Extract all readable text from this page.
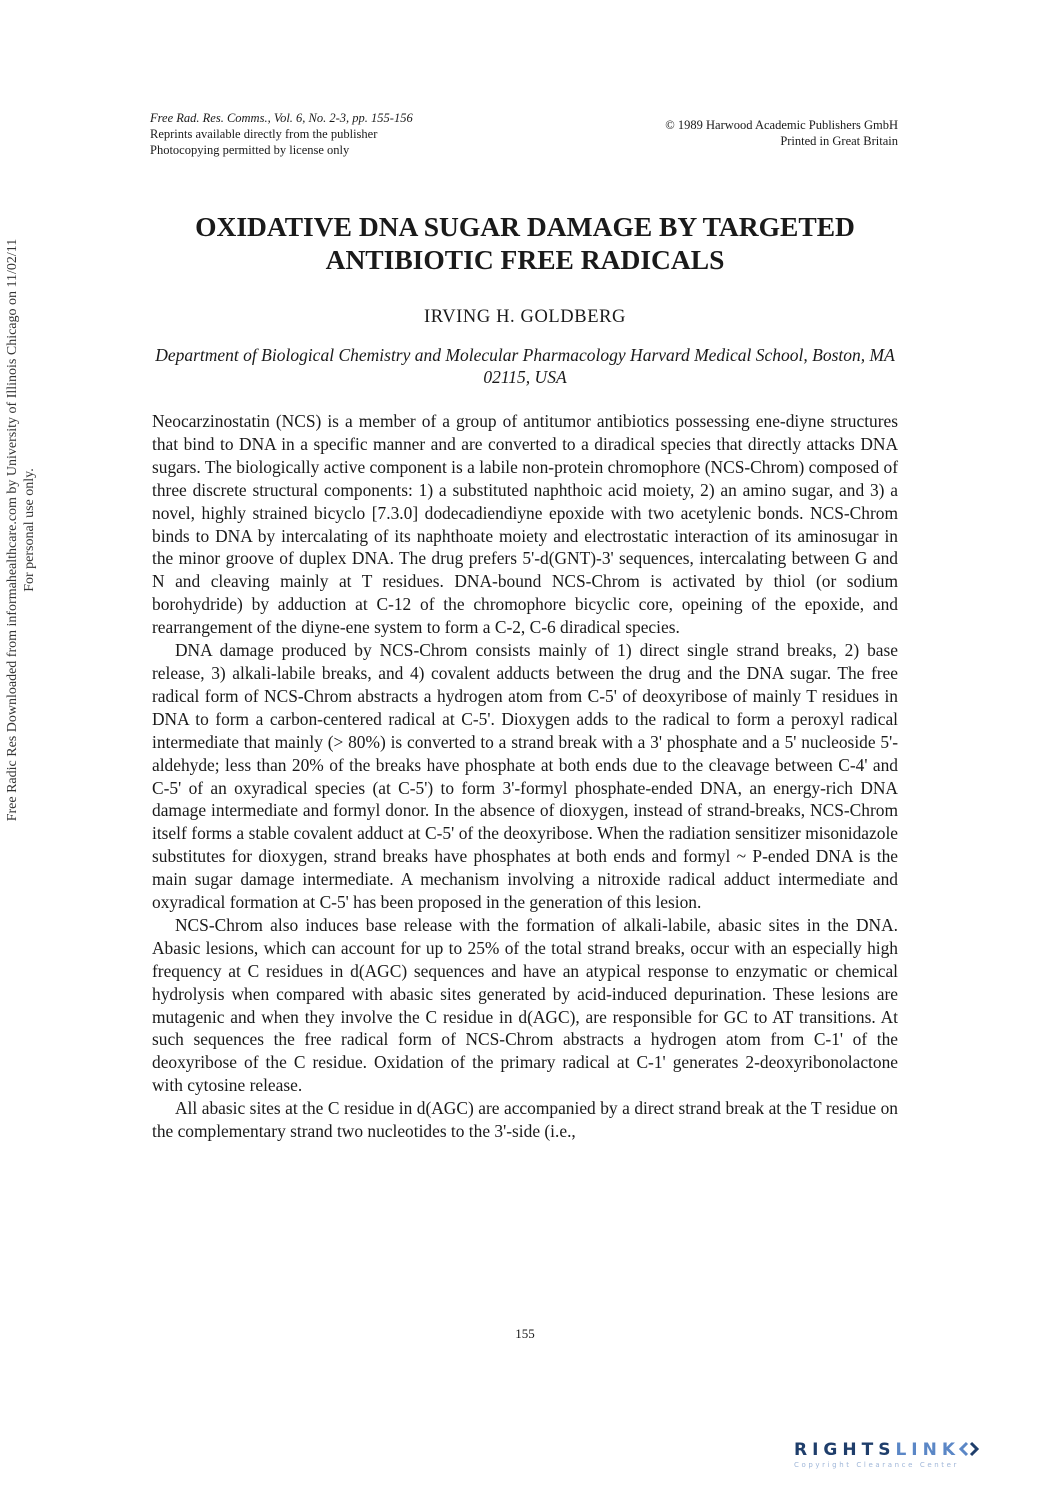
Free Rad. Res. Comms., Vol. 6, No. 2-3, pp. 155-156
Reprints available directly from the publisher
Photocopying permitted by license only
© 1989 Harwood Academic Publishers GmbH
Printed in Great Britain
OXIDATIVE DNA SUGAR DAMAGE BY TARGETED ANTIBIOTIC FREE RADICALS
IRVING H. GOLDBERG
Department of Biological Chemistry and Molecular Pharmacology Harvard Medical School, Boston, MA 02115, USA

Neocarzinostatin (NCS) is a member of a group of antitumor antibiotics possessing ene-diyne structures that bind to DNA in a specific manner and are converted to a diradical species that directly attacks DNA sugars. The biologically active component is a labile non-protein chromophore (NCS-Chrom) composed of three discrete structural components: 1) a substituted naphthoic acid moiety, 2) an amino sugar, and 3) a novel, highly strained bicyclo [7.3.0] dodecadiendiyne epoxide with two acetylenic bonds. NCS-Chrom binds to DNA by intercalating of its naphthoate moiety and electrostatic interaction of its aminosugar in the minor groove of duplex DNA. The drug prefers 5'-d(GNT)-3' sequences, intercalating between G and N and cleaving mainly at T residues. DNA-bound NCS-Chrom is activated by thiol (or sodium borohydride) by adduction at C-12 of the chromophore bicyclic core, opeining of the epoxide, and rearrangement of the diyne-ene system to form a C-2, C-6 diradical species.

DNA damage produced by NCS-Chrom consists mainly of 1) direct single strand breaks, 2) base release, 3) alkali-labile breaks, and 4) covalent adducts between the drug and the DNA sugar. The free radical form of NCS-Chrom abstracts a hydrogen atom from C-5' of deoxyribose of mainly T residues in DNA to form a carbon-centered radical at C-5'. Dioxygen adds to the radical to form a peroxyl radical intermediate that mainly (> 80%) is converted to a strand break with a 3' phosphate and a 5' nucleoside 5'-aldehyde; less than 20% of the breaks have phosphate at both ends due to the cleavage between C-4' and C-5' of an oxyradical species (at C-5') to form 3'-formyl phosphate-ended DNA, an energy-rich DNA damage intermediate and formyl donor. In the absence of dioxygen, instead of strand-breaks, NCS-Chrom itself forms a stable covalent adduct at C-5' of the deoxyribose. When the radiation sensitizer misonidazole substitutes for dioxygen, strand breaks have phosphates at both ends and formyl ~ P-ended DNA is the main sugar damage intermediate. A mechanism involving a nitroxide radical adduct intermediate and oxyradical formation at C-5' has been proposed in the generation of this lesion.

NCS-Chrom also induces base release with the formation of alkali-labile, abasic sites in the DNA. Abasic lesions, which can account for up to 25% of the total strand breaks, occur with an especially high frequency at C residues in d(AGC) sequences and have an atypical response to enzymatic or chemical hydrolysis when compared with abasic sites generated by acid-induced depurination. These lesions are mutagenic and when they involve the C residue in d(AGC), are responsible for GC to AT transitions. At such sequences the free radical form of NCS-Chrom abstracts a hydrogen atom from C-1' of the deoxyribose of the C residue. Oxidation of the primary radical at C-1' generates 2-deoxyribonolactone with cytosine release.

All abasic sites at the C residue in d(AGC) are accompanied by a direct strand break at the T residue on the complementary strand two nucleotides to the 3'-side (i.e.,

155
Free Radic Res Downloaded from informahealthcare.com by University of Illinois Chicago on 11/02/11 For personal use only.
RIGHTSLINK
Copyright Clearance Center
